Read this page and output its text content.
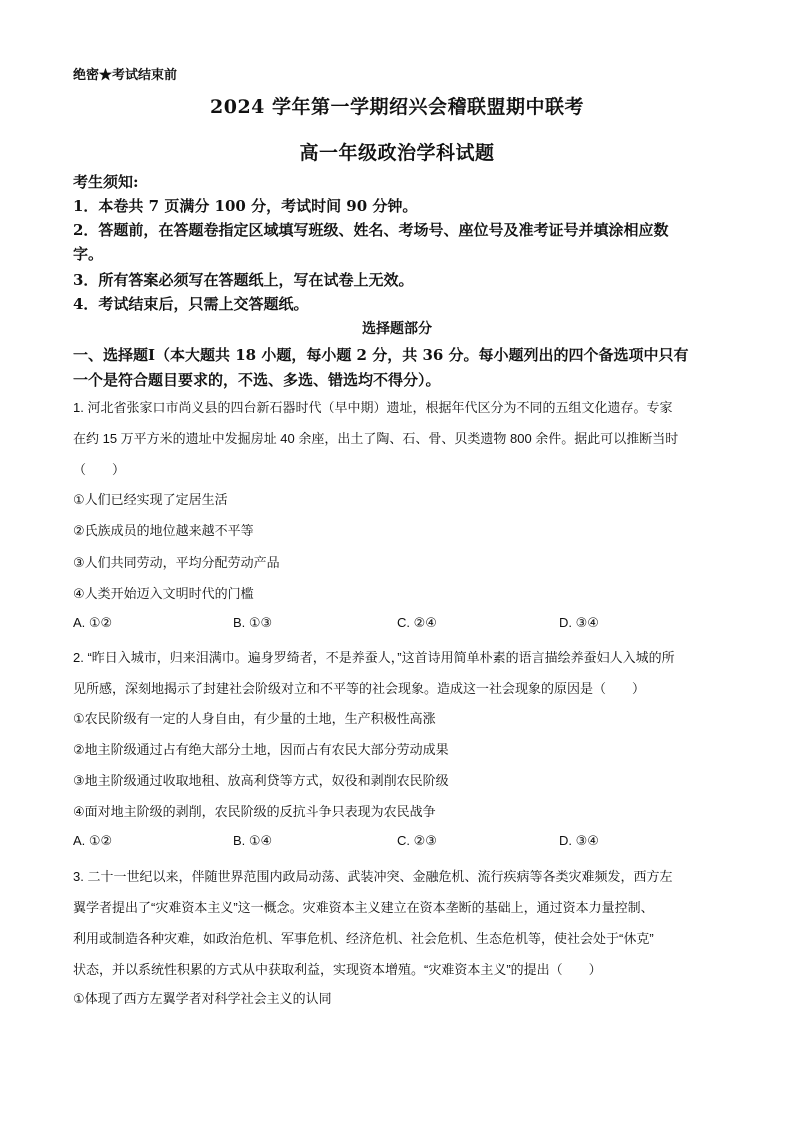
绝密★考试结束前
2024 学年第一学期绍兴会稽联盟期中联考
高一年级政治学科试题
考生须知:
1．本卷共 7 页满分 100 分，考试时间 90 分钟。
2．答题前，在答题卷指定区域填写班级、姓名、考场号、座位号及准考证号并填涂相应数
字。
3．所有答案必须写在答题纸上，写在试卷上无效。
4．考试结束后，只需上交答题纸。
选择题部分
一、选择题Ⅰ（本大题共 18 小题，每小题 2 分，共 36 分。每小题列出的四个备选项中只有
一个是符合题目要求的，不选、多选、错选均不得分）。
1. 河北省张家口市尚义县的四台新石器时代（早中期）遗址，根据年代区分为不同的五组文化遗存。专家
在约 15 万平方米的遗址中发掘房址 40 余座，出土了陶、石、骨、贝类遗物 800 余件。据此可以推断当时
（　　）
①人们已经实现了定居生活
②氏族成员的地位越来越不平等
③人们共同劳动，平均分配劳动产品
④人类开始迈入文明时代的门槛
A. ①②	B. ①③	C. ②④	D. ③④
2. “昨日入城市，归来泪满巾。遍身罗绮者，不是养蚕人，”这首诗用简单朴素的语言描绘养蚕妇人入城的所
见所感，深刻地揭示了封建社会阶级对立和不平等的社会现象。造成这一社会现象的原因是（　　）
①农民阶级有一定的人身自由，有少量的土地，生产积极性高涨
②地主阶级通过占有绝大部分土地，因而占有农民大部分劳动成果
③地主阶级通过收取地租、放高利贷等方式，奴役和剥削农民阶级
④面对地主阶级的剥削，农民阶级的反抗斗争只表现为农民战争
A. ①②	B. ①④	C. ②③	D. ③④
3. 二十一世纪以来，伴随世界范围内政局动荡、武装冲突、金融危机、流行疾病等各类灾难频发，西方左
翼学者提出了“灾难资本主义”这一概念。灾难资本主义建立在资本垄断的基础上，通过资本力量控制、
利用或制造各种灾难，如政治危机、军事危机、经济危机、社会危机、生态危机等，使社会处于“休克”
状态，并以系统性积累的方式从中获取利益，实现资本增殖。“灾难资本主义”的提出（　　）
①体现了西方左翼学者对科学社会主义的认同
